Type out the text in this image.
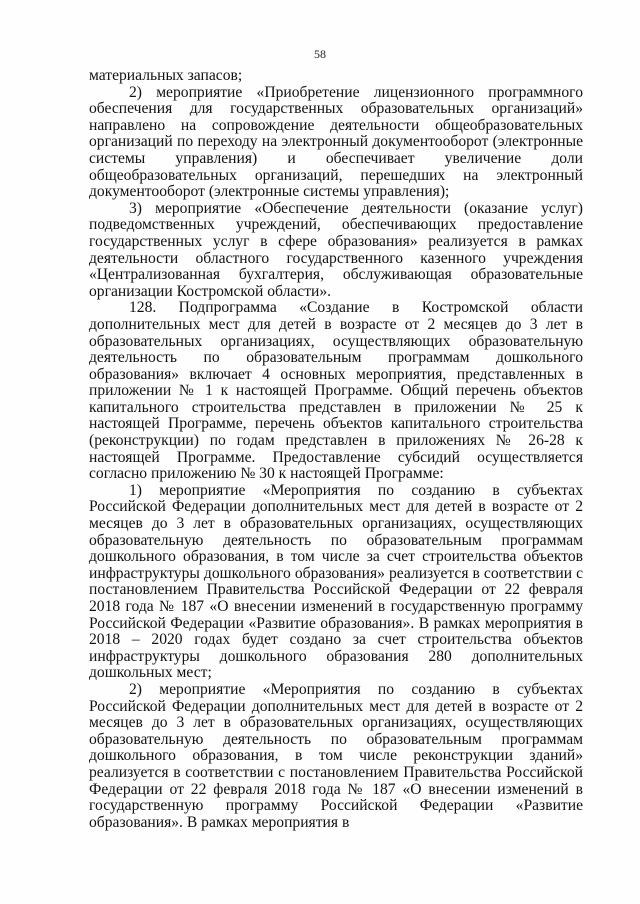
58

материальных запасов;

2) мероприятие «Приобретение лицензионного программного обеспечения для государственных образовательных организаций» направлено на сопровождение деятельности общеобразовательных организаций по переходу на электронный документооборот (электронные системы управления) и обеспечивает увеличение доли общеобразовательных организаций, перешедших на электронный документооборот (электронные системы управления);

3) мероприятие «Обеспечение деятельности (оказание услуг) подведомственных учреждений, обеспечивающих предоставление государственных услуг в сфере образования» реализуется в рамках деятельности областного государственного казенного учреждения «Централизованная бухгалтерия, обслуживающая образовательные организации Костромской области».

128. Подпрограмма «Создание в Костромской области дополнительных мест для детей в возрасте от 2 месяцев до 3 лет в образовательных организациях, осуществляющих образовательную деятельность по образовательным программам дошкольного образования» включает 4 основных мероприятия, представленных в приложении № 1 к настоящей Программе. Общий перечень объектов капитального строительства представлен в приложении № 25 к настоящей Программе, перечень объектов капитального строительства (реконструкции) по годам представлен в приложениях № 26-28 к настоящей Программе. Предоставление субсидий осуществляется согласно приложению № 30 к настоящей Программе:

1) мероприятие «Мероприятия по созданию в субъектах Российской Федерации дополнительных мест для детей в возрасте от 2 месяцев до 3 лет в образовательных организациях, осуществляющих образовательную деятельность по образовательным программам дошкольного образования, в том числе за счет строительства объектов инфраструктуры дошкольного образования» реализуется в соответствии с постановлением Правительства Российской Федерации от 22 февраля 2018 года № 187 «О внесении изменений в государственную программу Российской Федерации «Развитие образования». В рамках мероприятия в 2018 – 2020 годах будет создано за счет строительства объектов инфраструктуры дошкольного образования 280 дополнительных дошкольных мест;

2) мероприятие «Мероприятия по созданию в субъектах Российской Федерации дополнительных мест для детей в возрасте от 2 месяцев до 3 лет в образовательных организациях, осуществляющих образовательную деятельность по образовательным программам дошкольного образования, в том числе реконструкции зданий» реализуется в соответствии с постановлением Правительства Российской Федерации от 22 февраля 2018 года № 187 «О внесении изменений в государственную программу Российской Федерации «Развитие образования». В рамках мероприятия в
